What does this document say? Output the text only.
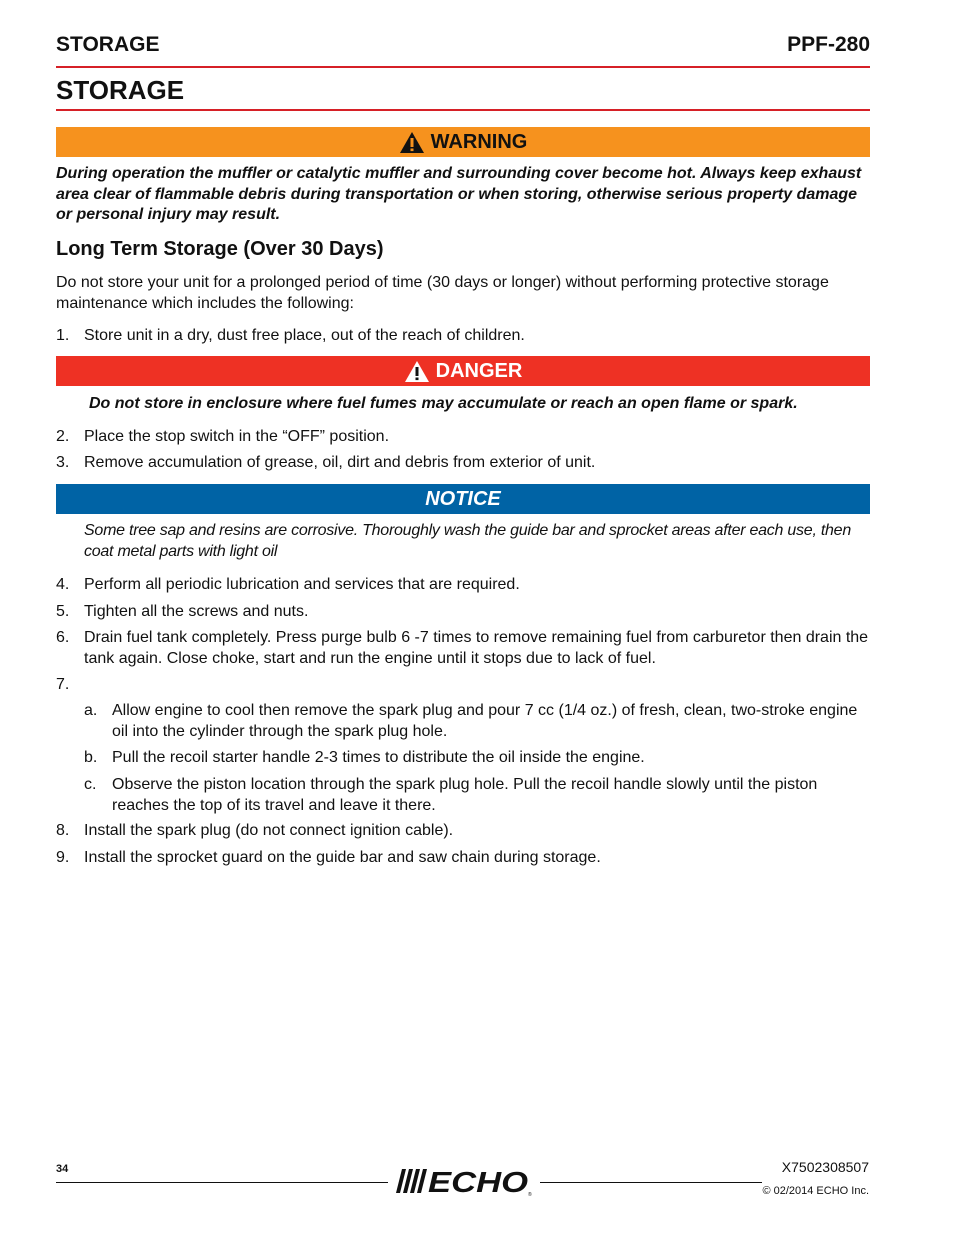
STORAGE	PPF-280
STORAGE
WARNING
During operation the muffler or catalytic muffler and surrounding cover become hot. Always keep exhaust area clear of flammable debris during transportation or when storing, otherwise serious property damage or personal injury may result.
Long Term Storage (Over 30 Days)
Do not store your unit for a prolonged period of time (30 days or longer) without performing protective storage maintenance which includes the following:
1. Store unit in a dry, dust free place, out of the reach of children.
DANGER
Do not store in enclosure where fuel fumes may accumulate or reach an open flame or spark.
2. Place the stop switch in the “OFF” position.
3. Remove accumulation of grease, oil, dirt and debris from exterior of unit.
NOTICE
Some tree sap and resins are corrosive. Thoroughly wash the guide bar and sprocket areas after each use, then coat metal parts with light oil
4. Perform all periodic lubrication and services that are required.
5. Tighten all the screws and nuts.
6. Drain fuel tank completely. Press purge bulb 6 -7 times to remove remaining fuel from carburetor then drain the tank again. Close choke, start and run the engine until it stops due to lack of fuel.
7.
a. Allow engine to cool then remove the spark plug and pour 7 cc (1/4 oz.) of fresh, clean, two-stroke engine oil into the cylinder through the spark plug hole.
b. Pull the recoil starter handle 2-3 times to distribute the oil inside the engine.
c. Observe the piston location through the spark plug hole. Pull the recoil handle slowly until the piston reaches the top of its travel and leave it there.
8. Install the spark plug (do not connect ignition cable).
9. Install the sprocket guard on the guide bar and saw chain during storage.
34	ECHO ®
X7502308507
© 02/2014 ECHO Inc.
